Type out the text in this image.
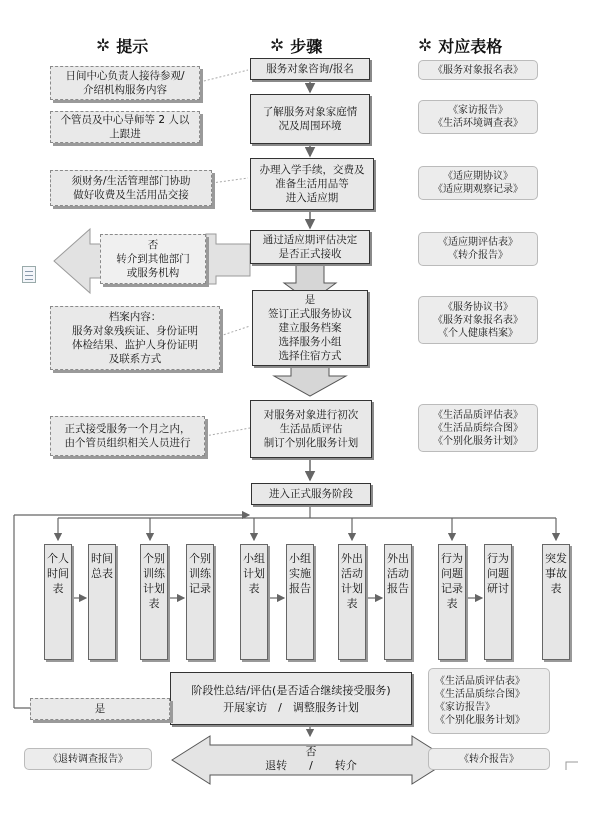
✲ 提示	✲ 步骤	✲ 对应表格
日间中心负责人接待参观/
介绍机构服务内容
个管员及中心导师等 2 人以
上跟进
须财务/生活管理部门协助
做好收费及生活用品交接
否
转介到其他部门
或服务机构
档案内容：
服务对象残疾证、身份证明
体检结果、监护人身份证明
及联系方式
正式接受服务一个月之内，
由个管员组织相关人员进行
服务对象咨询/报名
了解服务对象家庭情
况及周围环境
办理入学手续，交费及
准备生活用品等
进入适应期
通过适应期评估决定
是否正式接收
是
签订正式服务协议
建立服务档案
选择服务小组
选择住宿方式
对服务对象进行初次
生活品质评估
制订个别化服务计划
进入正式服务阶段
《服务对象报名表》
《家访报告》
《生活环境调查表》
《适应期协议》
《适应期观察记录》
《适应期评估表》
《转介报告》
《服务协议书》
《服务对象报名表》
《个人健康档案》
《生活品质评估表》
《生活品质综合图》
《个别化服务计划》
个人时间表
时间总表
个别训练计划表
个别训练记录
小组计划表
小组实施报告
外出活动计划表
外出活动报告
行为问题记录表
行为问题研讨
突发事故表
阶段性总结/评估(是否适合继续接受服务)
开展家访　/　调整服务计划
《生活品质评估表》
《生活品质综合图》
《家访报告》
《个别化服务计划》
是
否
退转　　/　　转介
《退转调查报告》	《转介报告》
